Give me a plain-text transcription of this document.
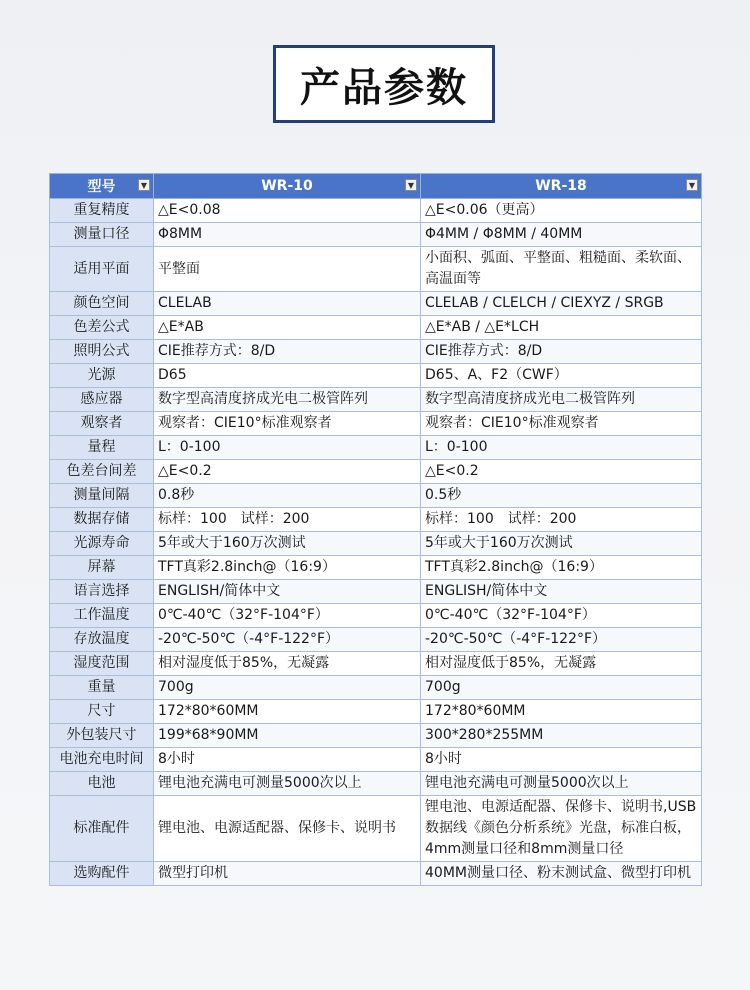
产品参数
型号 ▼	WR-10 ▼	WR-18 ▼

重复精度	△E<0.08	△E<0.06（更高）
测量口径	Φ8MM	Φ4MM / Φ8MM / 40MM
适用平面	平整面	小面积、弧面、平整面、粗糙面、柔软面、高温面等
颜色空间	CLELAB	CLELAB / CLELCH / CIEXYZ / SRGB
色差公式	△E*AB	△E*AB / △E*LCH
照明公式	CIE推荐方式：8/D	CIE推荐方式：8/D
光源	D65	D65、A、F2（CWF）
感应器	数字型高清度挤成光电二极管阵列	数字型高清度挤成光电二极管阵列
观察者	观察者：CIE10°标准观察者	观察者：CIE10°标准观察者
量程	L：0-100	L：0-100
色差台间差	△E<0.2	△E<0.2
测量间隔	0.8秒	0.5秒
数据存储	标样：100　试样：200	标样：100　试样：200
光源寿命	5年或大于160万次测试	5年或大于160万次测试
屏幕	TFT真彩2.8inch@（16:9）	TFT真彩2.8inch@（16:9）
语言选择	ENGLISH/简体中文	ENGLISH/简体中文
工作温度	0℃-40℃（32°F-104°F）	0℃-40℃（32°F-104°F）
存放温度	-20℃-50℃（-4°F-122°F）	-20℃-50℃（-4°F-122°F）
湿度范围	相对湿度低于85%，无凝露	相对湿度低于85%，无凝露
重量	700g	700g
尺寸	172*80*60MM	172*80*60MM
外包装尺寸	199*68*90MM	300*280*255MM
电池充电时间	8小时	8小时
电池	锂电池充满电可测量5000次以上	锂电池充满电可测量5000次以上
标准配件	锂电池、电源适配器、保修卡、说明书	锂电池、电源适配器、保修卡、说明书,USB数据线《颜色分析系统》光盘，标准白板，4mm测量口径和8mm测量口径
选购配件	微型打印机	40MM测量口径、粉末测试盒、微型打印机
